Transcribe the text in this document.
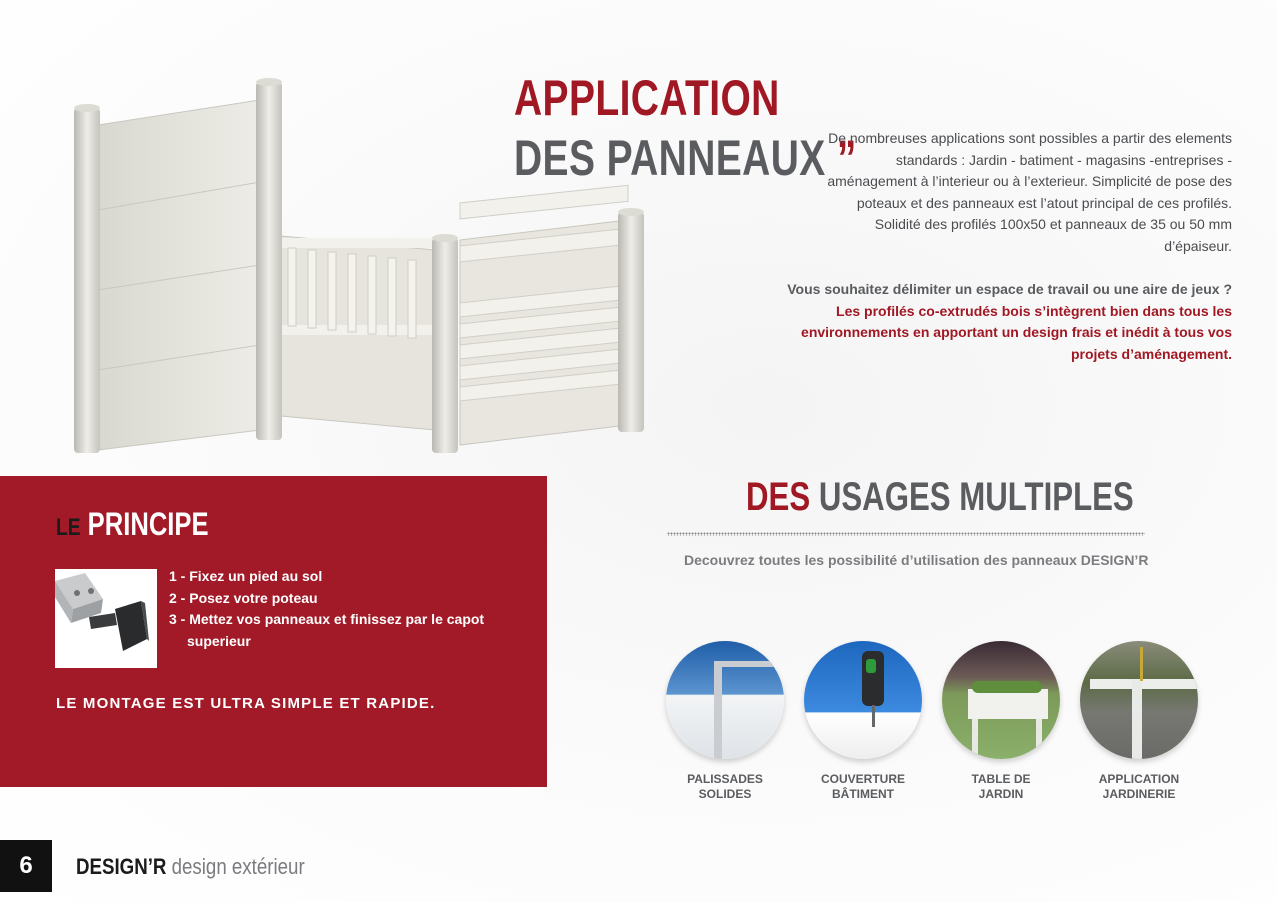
APPLICATION
DES PANNEAUX ”

De nombreuses applications sont possibles a partir des elements standards : Jardin - batiment - magasins -entreprises - aménagement à l’interieur ou à l’exterieur. Simplicité de pose des poteaux et des panneaux est l’atout principal de ces profilés. Solidité des profilés 100x50 et panneaux de 35 ou 50 mm d’épaiseur.

Vous souhaitez délimiter un espace de travail ou une aire de jeux ?
Les profilés co-extrudés bois s’intègrent bien dans tous les environnements en apportant un design frais et inédit à tous vos projets d’aménagement.

LE PRINCIPE
1 - Fixez un pied au sol
2 - Posez votre poteau
3 - Mettez vos panneaux et finissez par le capot superieur

LE MONTAGE EST ULTRA SIMPLE ET RAPIDE.

DES USAGES MULTIPLES

Decouvrez toutes les possibilité d’utilisation des panneaux DESIGN’R

PALISSADES
SOLIDES
COUVERTURE
BÂTIMENT
TABLE DE
JARDIN
APPLICATION
JARDINERIE
6	DESIGN’R design extérieur
